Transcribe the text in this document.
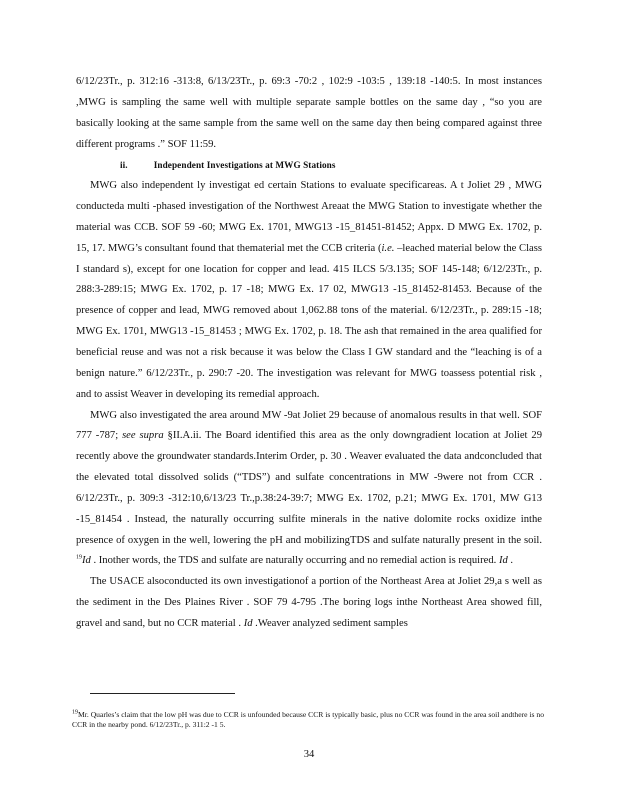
6/12/23Tr., p. 312:16 -313:8, 6/13/23Tr., p. 69:3 -70:2 , 102:9 -103:5 , 139:18 -140:5. In most instances ,MWG is sampling the same well with multiple separate sample bottles on the same day , “so you are basically looking at the same sample from the same well on the same day then being compared against three different programs .” SOF 11:59.

ii.	Independent Investigations at MWG Stations

MWG also independent ly investigat ed certain Stations to evaluate specificareas. A t Joliet 29 , MWG conducteda multi -phased investigation of the Northwest Areaat the MWG Station to investigate whether the material was CCB. SOF 59 -60; MWG Ex. 1701, MWG13 -15_81451-81452; Appx. D MWG Ex. 1702, p. 15, 17. MWG’s consultant found that thematerial met the CCB criteria (i.e. –leached material below the Class I standard s), except for one location for copper and lead. 415 ILCS 5/3.135; SOF 145-148; 6/12/23Tr., p. 288:3-289:15; MWG Ex. 1702, p. 17 -18; MWG Ex. 17 02, MWG13 -15_81452-81453. Because of the presence of copper and lead, MWG removed about 1,062.88 tons of the material. 6/12/23Tr., p. 289:15 -18; MWG Ex. 1701, MWG13 -15_81453 ; MWG Ex. 1702, p. 18. The ash that remained in the area qualified for beneficial reuse and was not a risk because it was below the Class I GW standard and the “leaching is of a benign nature.” 6/12/23Tr., p. 290:7 -20. The investigation was relevant for MWG toassess potential risk , and to assist Weaver in developing its remedial approach.

MWG also investigated the area around MW -9at Joliet 29 because of anomalous results in that well. SOF 777 -787; see supra §II.A.ii. The Board identified this area as the only downgradient location at Joliet 29 recently above the groundwater standards.Interim Order, p. 30 . Weaver evaluated the data andconcluded that the elevated total dissolved solids (“TDS”) and sulfate concentrations in MW -9were not from CCR . 6/12/23Tr., p. 309:3 -312:10,6/13/23 Tr.,p.38:24-39:7; MWG Ex. 1702, p.21; MWG Ex. 1701, MW G13 -15_81454 . Instead, the naturally occurring sulfite minerals in the native dolomite rocks oxidize inthe presence of oxygen in the well, lowering the pH and mobilizingTDS and sulfate naturally present in the soil. $^{19}$Id . Inother words, the TDS and sulfate are naturally occurring and no remedial action is required. Id .

The USACE alsoconducted its own investigationof a portion of the Northeast Area at Joliet 29,a s well as the sediment in the Des Plaines River . SOF 79 4-795 .The boring logs inthe Northeast Area showed fill, gravel and sand, but no CCR material . Id .Weaver analyzed sediment samples

$^{19}$Mr. Quarles’s claim that the low pH was due to CCR is unfounded because CCR is typically basic, plus no CCR was found in the area soil andthere is no CCR in the nearby pond. 6/12/23Tr., p. 311:2 -1 5.
34
